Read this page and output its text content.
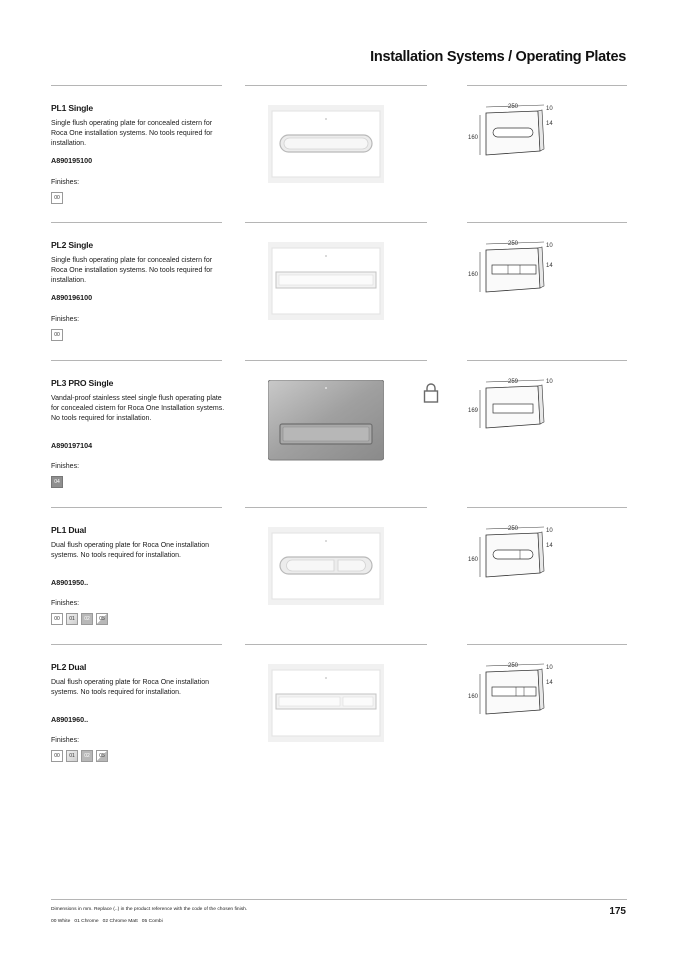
Installation Systems / Operating Plates
PL1 Single
Single flush operating plate for concealed cistern for Roca One installation systems. No tools required for installation.
A890195100
Finishes:
00
250	10
14
160
PL2 Single
Single flush operating plate for concealed cistern for Roca One installation systems. No tools required for installation.
A890196100
Finishes:
00
250	10
14
160
PL3 PRO Single
Vandal-proof stainless steel single flush operating plate for concealed cistern for Roca One Installation systems. No tools required for installation.
A890197104
Finishes:
04
259	10
169
PL1 Dual
Dual flush operating plate for Roca One installation systems. No tools required for installation.
A8901950..
Finishes:
00	01	02	05
250	10
14
160
PL2 Dual
Dual flush operating plate for Roca One installation systems. No tools required for installation.
A8901960..
Finishes:
00	01	02	05
250	10
14
160
Dimensions in mm. Replace (..) in the product reference with the code of the chosen finish.
00 White   01 Chrome   02 Chrome Matt   05 Combi
175
